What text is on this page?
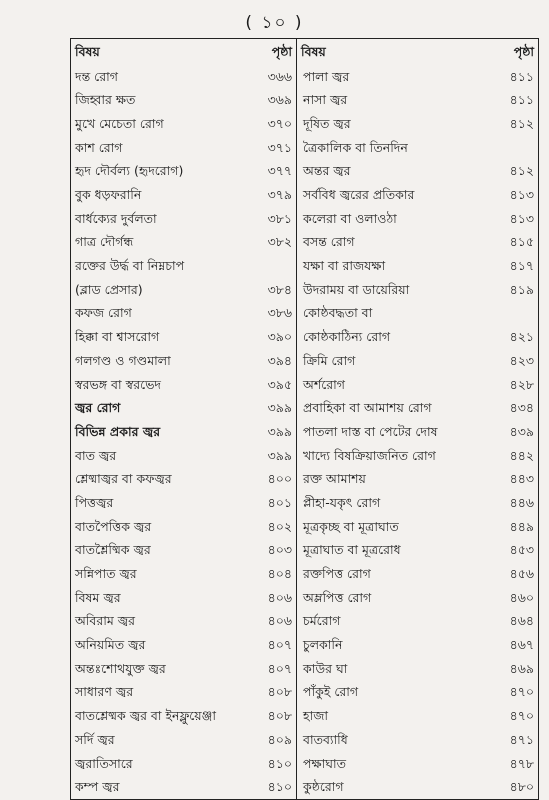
( ১০ )
বিষয়	পৃষ্ঠা	বিষয়	পৃষ্ঠা
দন্ত রোগ	৩৬৬	পালা জ্বর	৪১১
জিহ্বার ক্ষত	৩৬৯	নাসা জ্বর	৪১১
মুখে মেচেতা রোগ	৩৭০	দূষিত জ্বর	৪১২
কাশ রোগ	৩৭১	ত্রৈকালিক বা তিনদিন	
হৃদ দৌর্বল্য (হৃদরোগ)	৩৭৭	অন্তর জ্বর	৪১২
বুক ধড়ফরানি	৩৭৯	সর্ববিধ জ্বরের প্রতিকার	৪১৩
বার্ধক্যের দুর্বলতা	৩৮১	কলেরা বা ওলাওঠা	৪১৩
গাত্র দৌর্গন্ধ	৩৮২	বসন্ত রোগ	৪১৫
রক্তের উর্দ্ধ বা নিম্নচাপ		যক্ষা বা রাজযক্ষা	৪১৭
(ব্লাড প্রেসার)	৩৮৪	উদরাময় বা ডায়েরিয়া	৪১৯
কফজ রোগ	৩৮৬	কোষ্ঠবদ্ধতা বা	
হিক্কা বা শ্বাসরোগ	৩৯০	কোষ্ঠকাঠিন্য রোগ	৪২১
গলগণ্ড ও গণ্ডমালা	৩৯৪	ক্রিমি রোগ	৪২৩
স্বরভঙ্গ বা স্বরভেদ	৩৯৫	অর্শরোগ	৪২৮
জ্বর রোগ	৩৯৯	প্রবাহিকা বা আমাশয় রোগ	৪৩৪
বিভিন্ন প্রকার জ্বর	৩৯৯	পাতলা দাস্ত বা পেটের দোষ	৪৩৯
বাত জ্বর	৩৯৯	খাদ্যে বিষক্রিয়াজনিত রোগ	৪৪২
শ্লেষ্মাজ্বর বা কফজ্বর	৪০০	রক্ত আমাশয়	৪৪৩
পিত্তজ্বর	৪০১	প্লীহা-যকৃৎ রোগ	৪৪৬
বাতপৈত্তিক জ্বর	৪০২	মূত্রকৃচ্ছ বা মূত্রাঘাত	৪৪৯
বাতশ্লৈষ্মিক জ্বর	৪০৩	মূত্রাঘাত বা মূত্ররোধ	৪৫৩
সন্নিপাত জ্বর	৪০৪	রক্তপিত্ত রোগ	৪৫৬
বিষম জ্বর	৪০৬	অম্লপিত্ত রোগ	৪৬০
অবিরাম জ্বর	৪০৬	চর্মরোগ	৪৬৪
অনিয়মিত জ্বর	৪০৭	চুলকানি	৪৬৭
অন্তঃশোথযুক্ত জ্বর	৪০৭	কাউর ঘা	৪৬৯
সাধারণ জ্বর	৪০৮	পাঁকুই রোগ	৪৭০
বাতশ্লেষ্মক জ্বর বা ইনফ্লুয়েঞ্জা	৪০৮	হাজা	৪৭০
সর্দি জ্বর	৪০৯	বাতব্যাধি	৪৭১
জ্বরাতিসারে	৪১০	পক্ষাঘাত	৪৭৮
কম্প জ্বর	৪১০	কুষ্ঠরোগ	৪৮০
